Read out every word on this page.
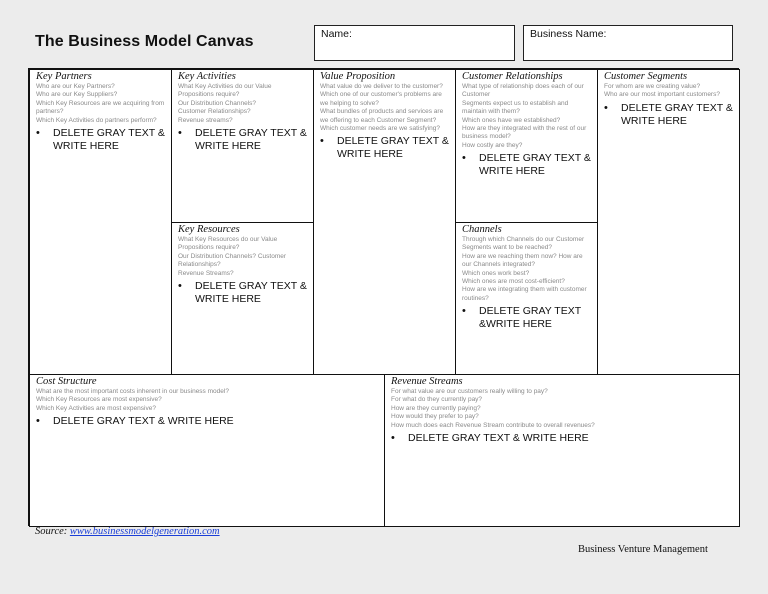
The Business Model Canvas	Name:	Business Name:
Key Partners
Who are our Key Partners?
Who are our Key Suppliers?
Which Key Resources are we acquiring from partners?
Which Key Activities do partners perform?
• DELETE GRAY TEXT & WRITE HERE
Key Activities
What Key Activities do our Value Propositions require?
Our Distribution Channels?
Customer Relationships?
Revenue streams?
• DELETE GRAY TEXT & WRITE HERE
Key Resources
What Key Resources do our Value Propositions require?
Our Distribution Channels? Customer Relationships?
Revenue Streams?
• DELETE GRAY TEXT & WRITE HERE
Value Proposition
What value do we deliver to the customer?
Which one of our customer's problems are we helping to solve?
What bundles of products and services are we offering to each Customer Segment?
Which customer needs are we satisfying?
• DELETE GRAY TEXT & WRITE HERE
Customer Relationships
What type of relationship does each of our Customer
Segments expect us to establish and maintain with them?
Which ones have we established?
How are they integrated with the rest of our business model?
How costly are they?
• DELETE GRAY TEXT & WRITE HERE
Channels
Through which Channels do our Customer Segments want to be reached?
How are we reaching them now? How are our Channels integrated?
Which ones work best?
Which ones are most cost-efficient?
How are we integrating them with customer routines?
• DELETE GRAY TEXT &WRITE HERE
Customer Segments
For whom are we creating value?
Who are our most important customers?
• DELETE GRAY TEXT & WRITE HERE
Cost Structure
What are the most important costs inherent in our business model?
Which Key Resources are most expensive?
Which Key Activities are most expensive?
• DELETE GRAY TEXT & WRITE HERE
Revenue Streams
For what value are our customers really willing to pay?
For what do they currently pay?
How are they currently paying?
How would they prefer to pay?
How much does each Revenue Stream contribute to overall revenues?
• DELETE GRAY TEXT & WRITE HERE
Source: www.businessmodelgeneration.com
Business Venture Management
